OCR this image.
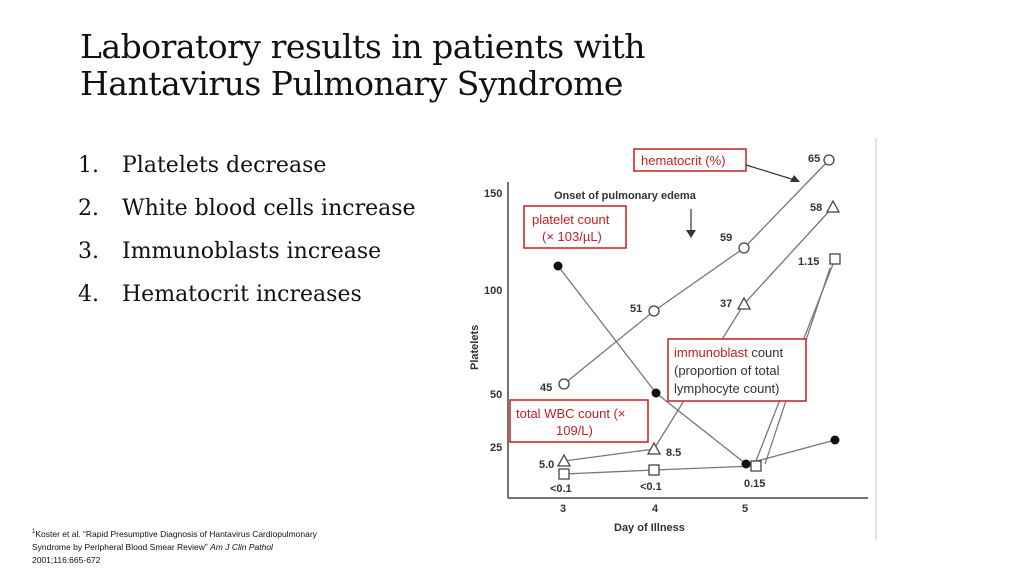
Laboratory results in patients with
Hantavirus Pulmonary Syndrome
1. Platelets decrease
2. White blood cells increase
3. Immunoblasts increase
4. Hematocrit increases
150
100
50
25
Platelets
3	4	5
Day of Illness
Onset of pulmonary edema
45
51
59
65
5.0
8.5
37
58
<0.1	<0.1	0.15
1.15
hematocrit (%)
platelet count
(× 103/µL)
immunoblast count
(proportion of total
lymphocyte count)
total WBC count (×
109/L)
$^1$Koster et al. “Rapid Presumptive Diagnosis of Hantavirus Cardiopulmonary
Syndrome by Peripheral Blood Smear Review” Am J Clin Pathol
2001;116:665-672
